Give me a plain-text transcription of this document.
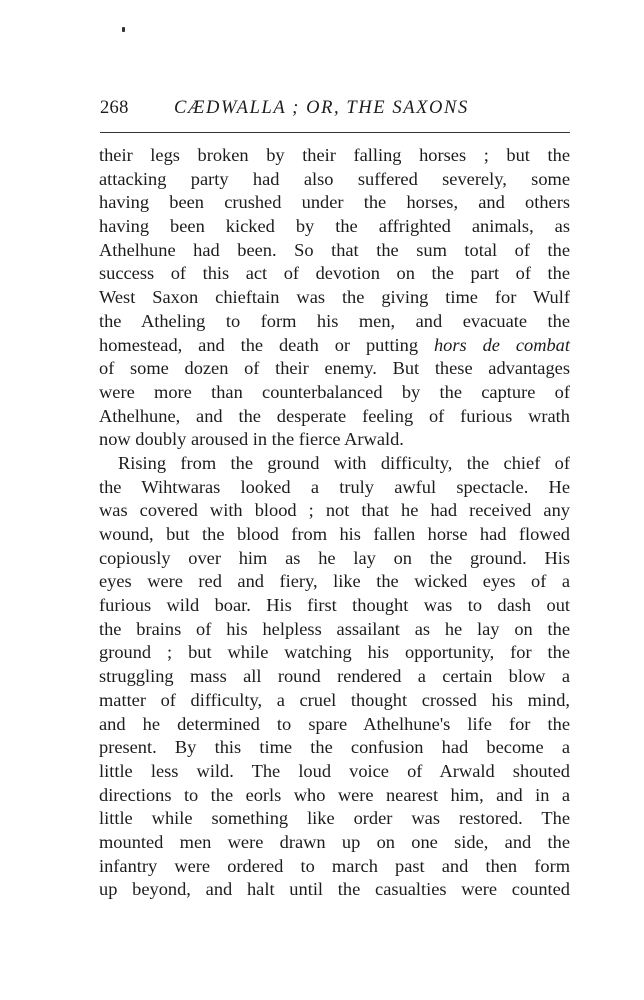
268 CÆDWALLA ; OR, THE SAXONS
their legs broken by their falling horses ; but the
attacking party had also suffered severely, some
having been crushed under the horses, and others
having been kicked by the affrighted animals, as
Athelhune had been. So that the sum total of the
success of this act of devotion on the part of the
West Saxon chieftain was the giving time for Wulf
the Atheling to form his men, and evacuate the
homestead, and the death or putting hors de combat
of some dozen of their enemy. But these advantages
were more than counterbalanced by the capture of
Athelhune, and the desperate feeling of furious wrath
now doubly aroused in the fierce Arwald.
Rising from the ground with difficulty, the chief of
the Wihtwaras looked a truly awful spectacle. He
was covered with blood ; not that he had received any
wound, but the blood from his fallen horse had flowed
copiously over him as he lay on the ground. His
eyes were red and fiery, like the wicked eyes of a
furious wild boar. His first thought was to dash out
the brains of his helpless assailant as he lay on the
ground ; but while watching his opportunity, for the
struggling mass all round rendered a certain blow a
matter of difficulty, a cruel thought crossed his mind,
and he determined to spare Athelhune's life for the
present. By this time the confusion had become a
little less wild. The loud voice of Arwald shouted
directions to the eorls who were nearest him, and in a
little while something like order was restored. The
mounted men were drawn up on one side, and the
infantry were ordered to march past and then form
up beyond, and halt until the casualties were counted
